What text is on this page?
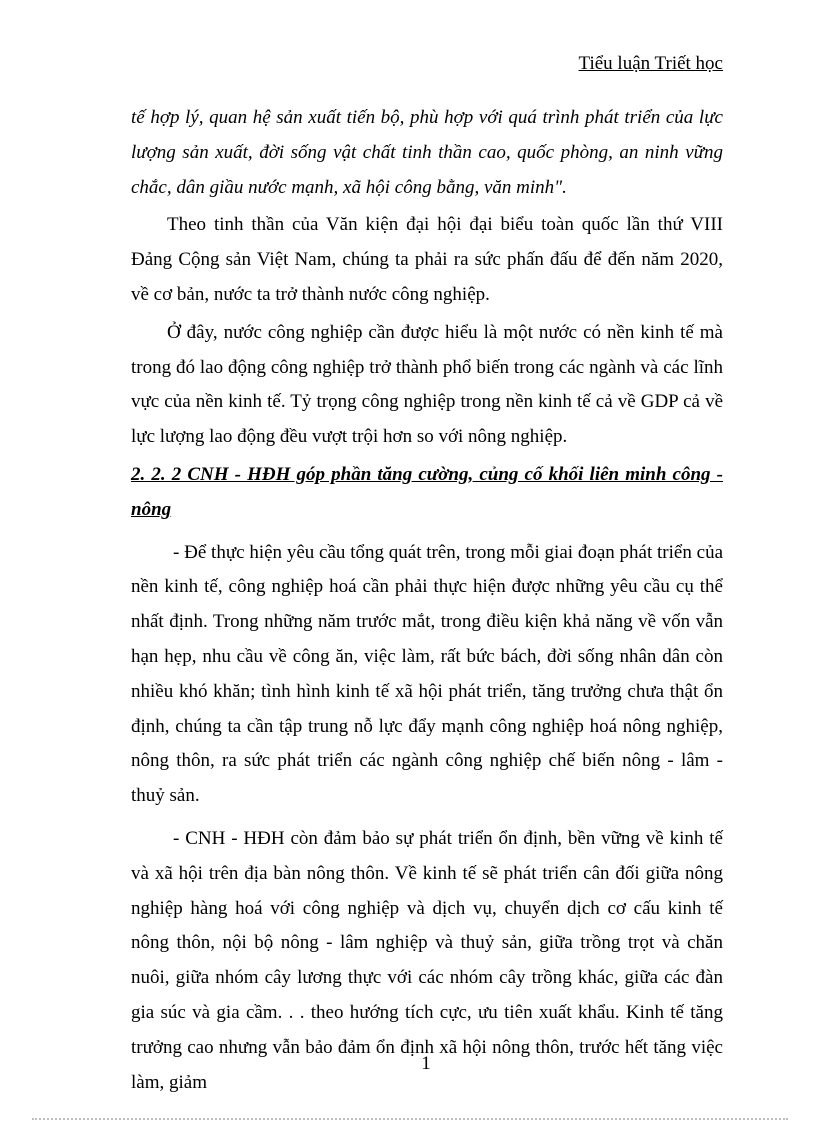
Tiểu luận Triết học

tế hợp lý, quan hệ sản xuất tiến bộ, phù hợp với quá trình phát triển của lực lượng sản xuất, đời sống vật chất tinh thần cao, quốc phòng, an ninh vững chắc, dân giầu nước mạnh, xã hội công bằng, văn minh".

Theo tinh thần của Văn kiện đại hội đại biểu toàn quốc lần thứ VIII Đảng Cộng sản Việt Nam, chúng ta phải ra sức phấn đấu để đến năm 2020, về cơ bản, nước ta trở thành nước công nghiệp.

Ở đây, nước công nghiệp cần được hiểu là một nước có nền kinh tế mà trong đó lao động công nghiệp trở thành phổ biến trong các ngành và các lĩnh vực của nền kinh tế. Tỷ trọng công nghiệp trong nền kinh tế cả về GDP cả về lực lượng lao động đều vượt trội hơn so với nông nghiệp.

2. 2. 2 CNH - HĐH góp phần tăng cường, củng cố khối liên minh công - nông

- Để thực hiện yêu cầu tổng quát trên, trong mỗi giai đoạn phát triển của nền kinh tế, công nghiệp hoá cần phải thực hiện được những yêu cầu cụ thể nhất định. Trong những năm trước mắt, trong điều kiện khả năng về vốn vẫn hạn hẹp, nhu cầu về công ăn, việc làm, rất bức bách, đời sống nhân dân còn nhiều khó khăn; tình hình kinh tế xã hội phát triển, tăng trưởng chưa thật ổn định, chúng ta cần tập trung nỗ lực đẩy mạnh công nghiệp hoá nông nghiệp, nông thôn, ra sức phát triển các ngành công nghiệp chế biến nông - lâm - thuỷ sản.

- CNH - HĐH còn đảm bảo sự phát triển ổn định, bền vững về kinh tế và xã hội trên địa bàn nông thôn. Về kinh tế sẽ phát triển cân đối giữa nông nghiệp hàng hoá với công nghiệp và dịch vụ, chuyển dịch cơ cấu kinh tế nông thôn, nội bộ nông - lâm nghiệp và thuỷ sản, giữa trồng trọt và chăn nuôi, giữa nhóm cây lương thực với các nhóm cây trồng khác, giữa các đàn gia súc và gia cầm. . . theo hướng tích cực, ưu tiên xuất khẩu. Kinh tế tăng trưởng cao nhưng vẫn bảo đảm ổn định xã hội nông thôn, trước hết tăng việc làm, giảm

1
